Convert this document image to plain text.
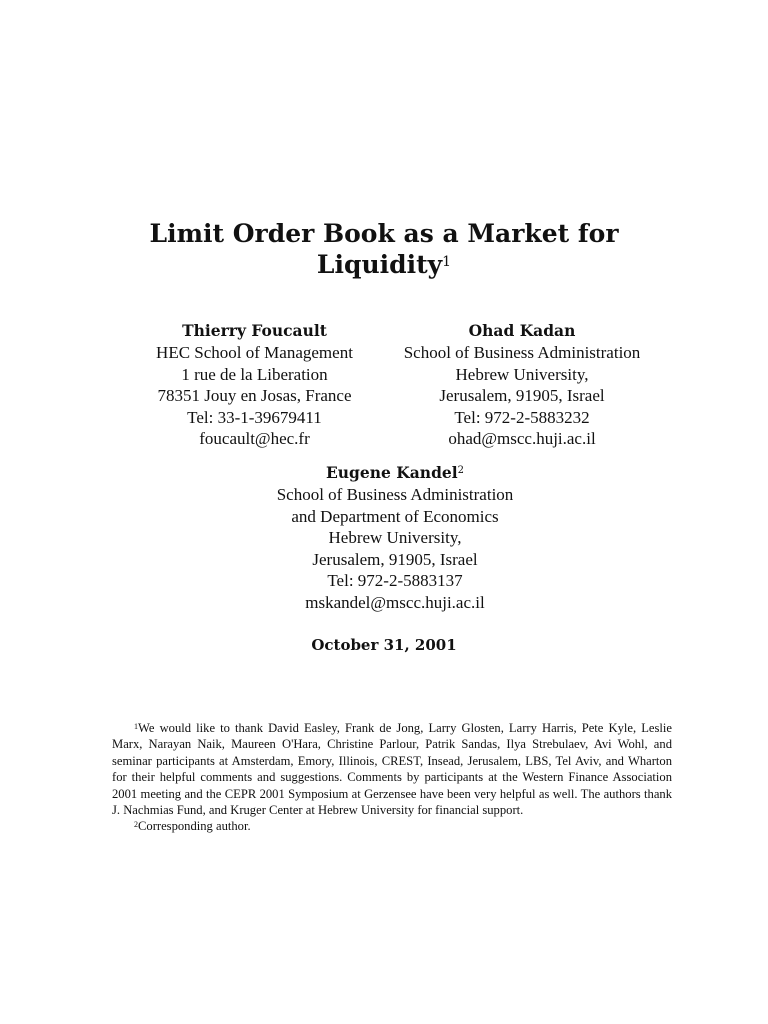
Limit Order Book as a Market for
Liquidity$^1$

Thierry Foucault
HEC School of Management
1 rue de la Liberation
78351 Jouy en Josas, France
Tel: 33-1-39679411
foucault@hec.fr
Ohad Kadan
School of Business Administration
Hebrew University,
Jerusalem, 91905, Israel
Tel: 972-2-5883232
ohad@mscc.huji.ac.il
Eugene Kandel$^2$
School of Business Administration
and Department of Economics
Hebrew University,
Jerusalem, 91905, Israel
Tel: 972-2-5883137
mskandel@mscc.huji.ac.il
October 31, 2001

$^1$We would like to thank David Easley, Frank de Jong, Larry Glosten, Larry Harris, Pete Kyle, Leslie Marx, Narayan Naik, Maureen O'Hara, Christine Parlour, Patrik Sandas, Ilya Strebulaev, Avi Wohl, and seminar participants at Amsterdam, Emory, Illinois, CREST, Insead, Jerusalem, LBS, Tel Aviv, and Wharton for their helpful comments and suggestions. Comments by participants at the Western Finance Association 2001 meeting and the CEPR 2001 Symposium at Gerzensee have been very helpful as well. The authors thank J. Nachmias Fund, and Kruger Center at Hebrew University for financial support.

$^2$Corresponding author.
